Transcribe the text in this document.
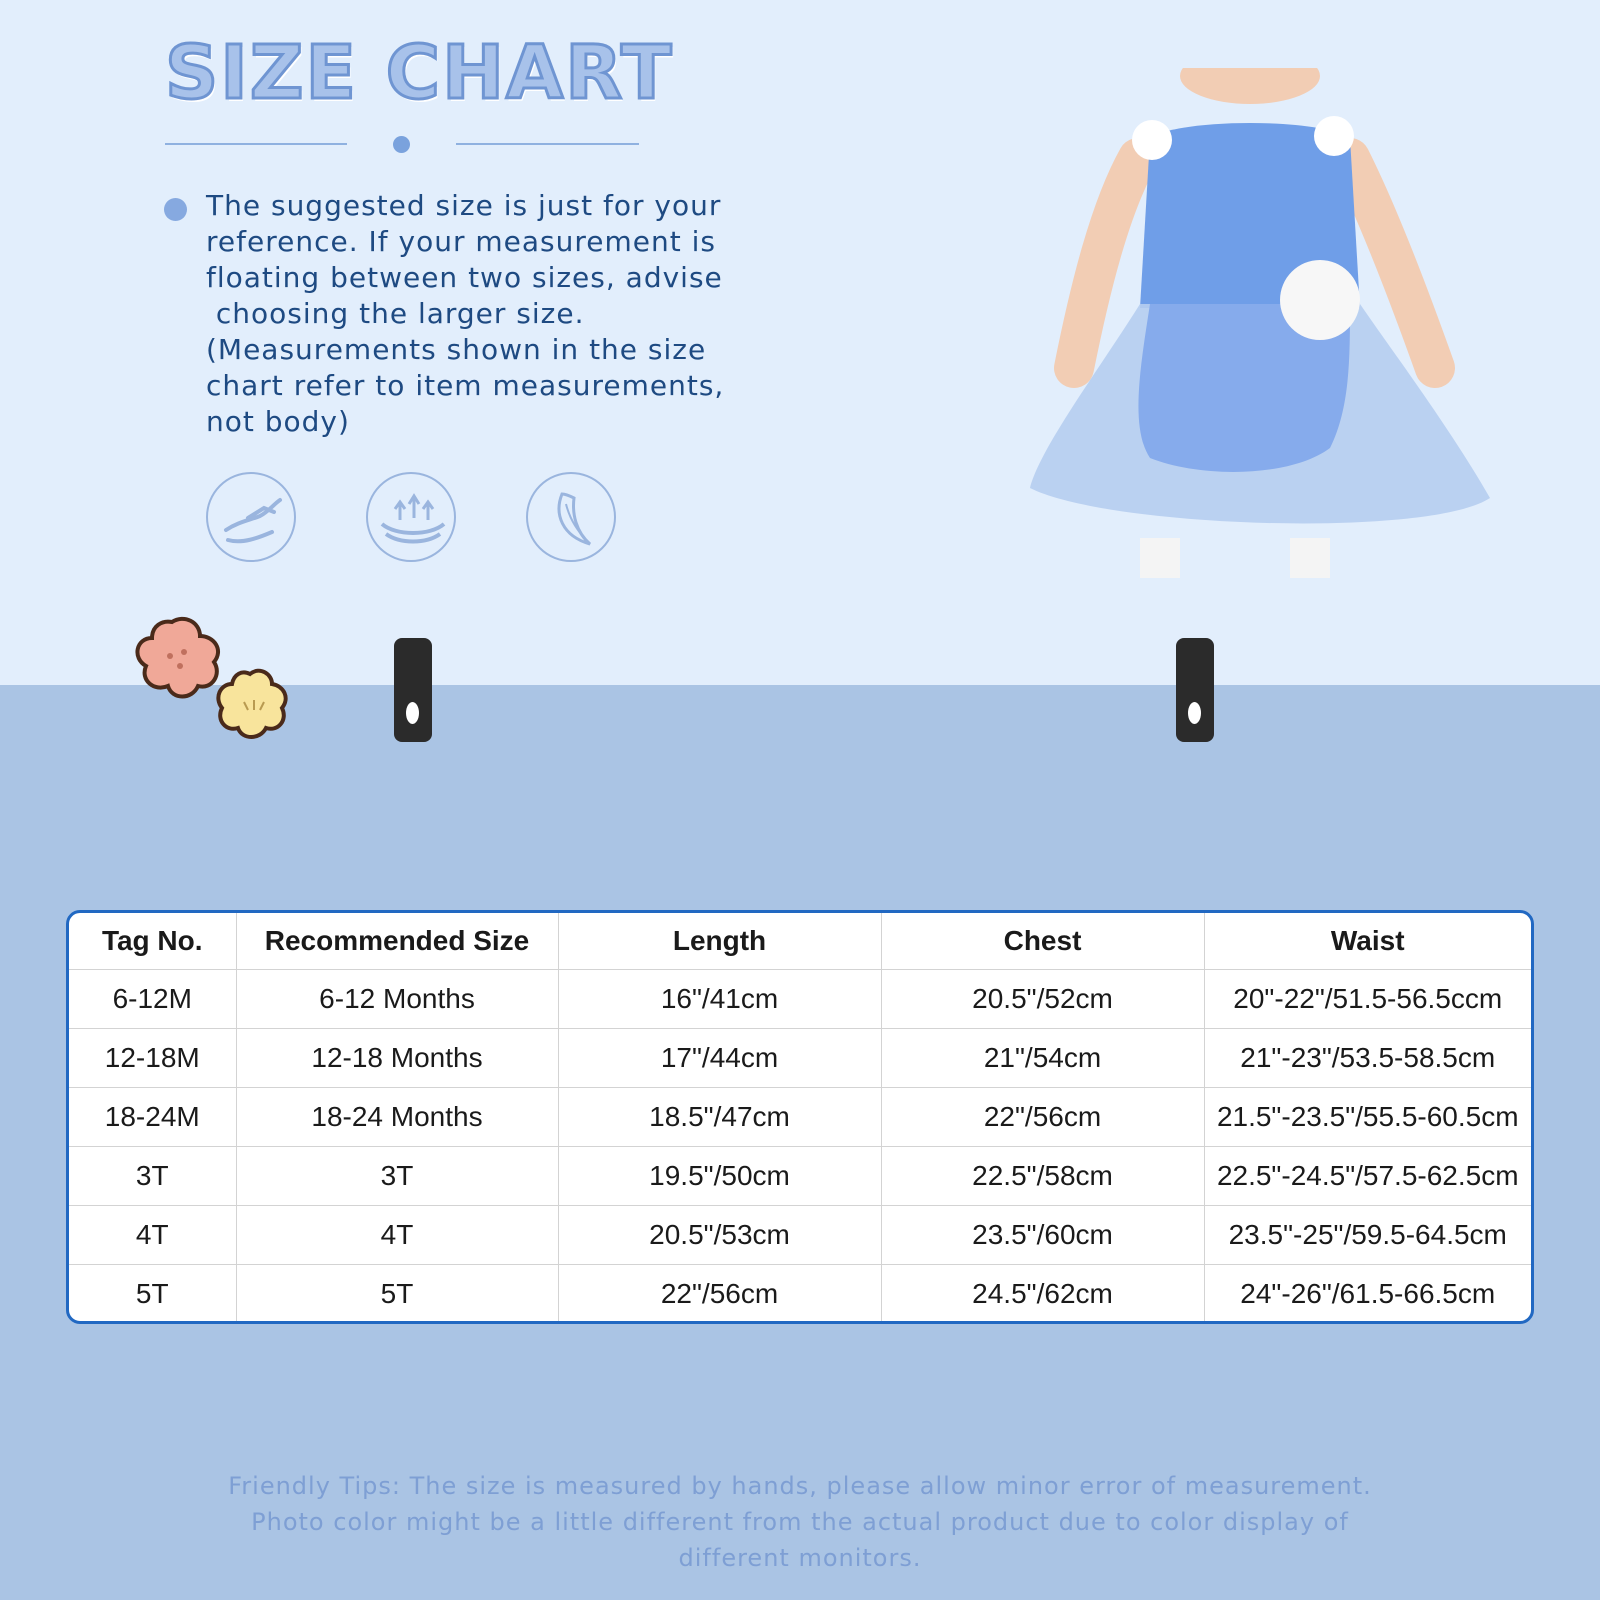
SIZE CHART

The suggested size is just for your

reference. If your measurement is

floating between two sizes, advise

choosing the larger size.

(Measurements shown in the size

chart refer to item measurements,

not body)

Tag No.	Recommended Size	Length	Chest	Waist
6-12M	6-12 Months	16"/41cm	20.5"/52cm	20"-22"/51.5-56.5ccm
12-18M	12-18 Months	17"/44cm	21"/54cm	21"-23"/53.5-58.5cm
18-24M	18-24 Months	18.5"/47cm	22"/56cm	21.5"-23.5"/55.5-60.5cm
3T	3T	19.5"/50cm	22.5"/58cm	22.5"-24.5"/57.5-62.5cm
4T	4T	20.5"/53cm	23.5"/60cm	23.5"-25"/59.5-64.5cm
5T	5T	22"/56cm	24.5"/62cm	24"-26"/61.5-66.5cm

Friendly Tips: The size is measured by hands, please allow minor error of measurement.

Photo color might be a little different from the actual product due to color display of

different monitors.
